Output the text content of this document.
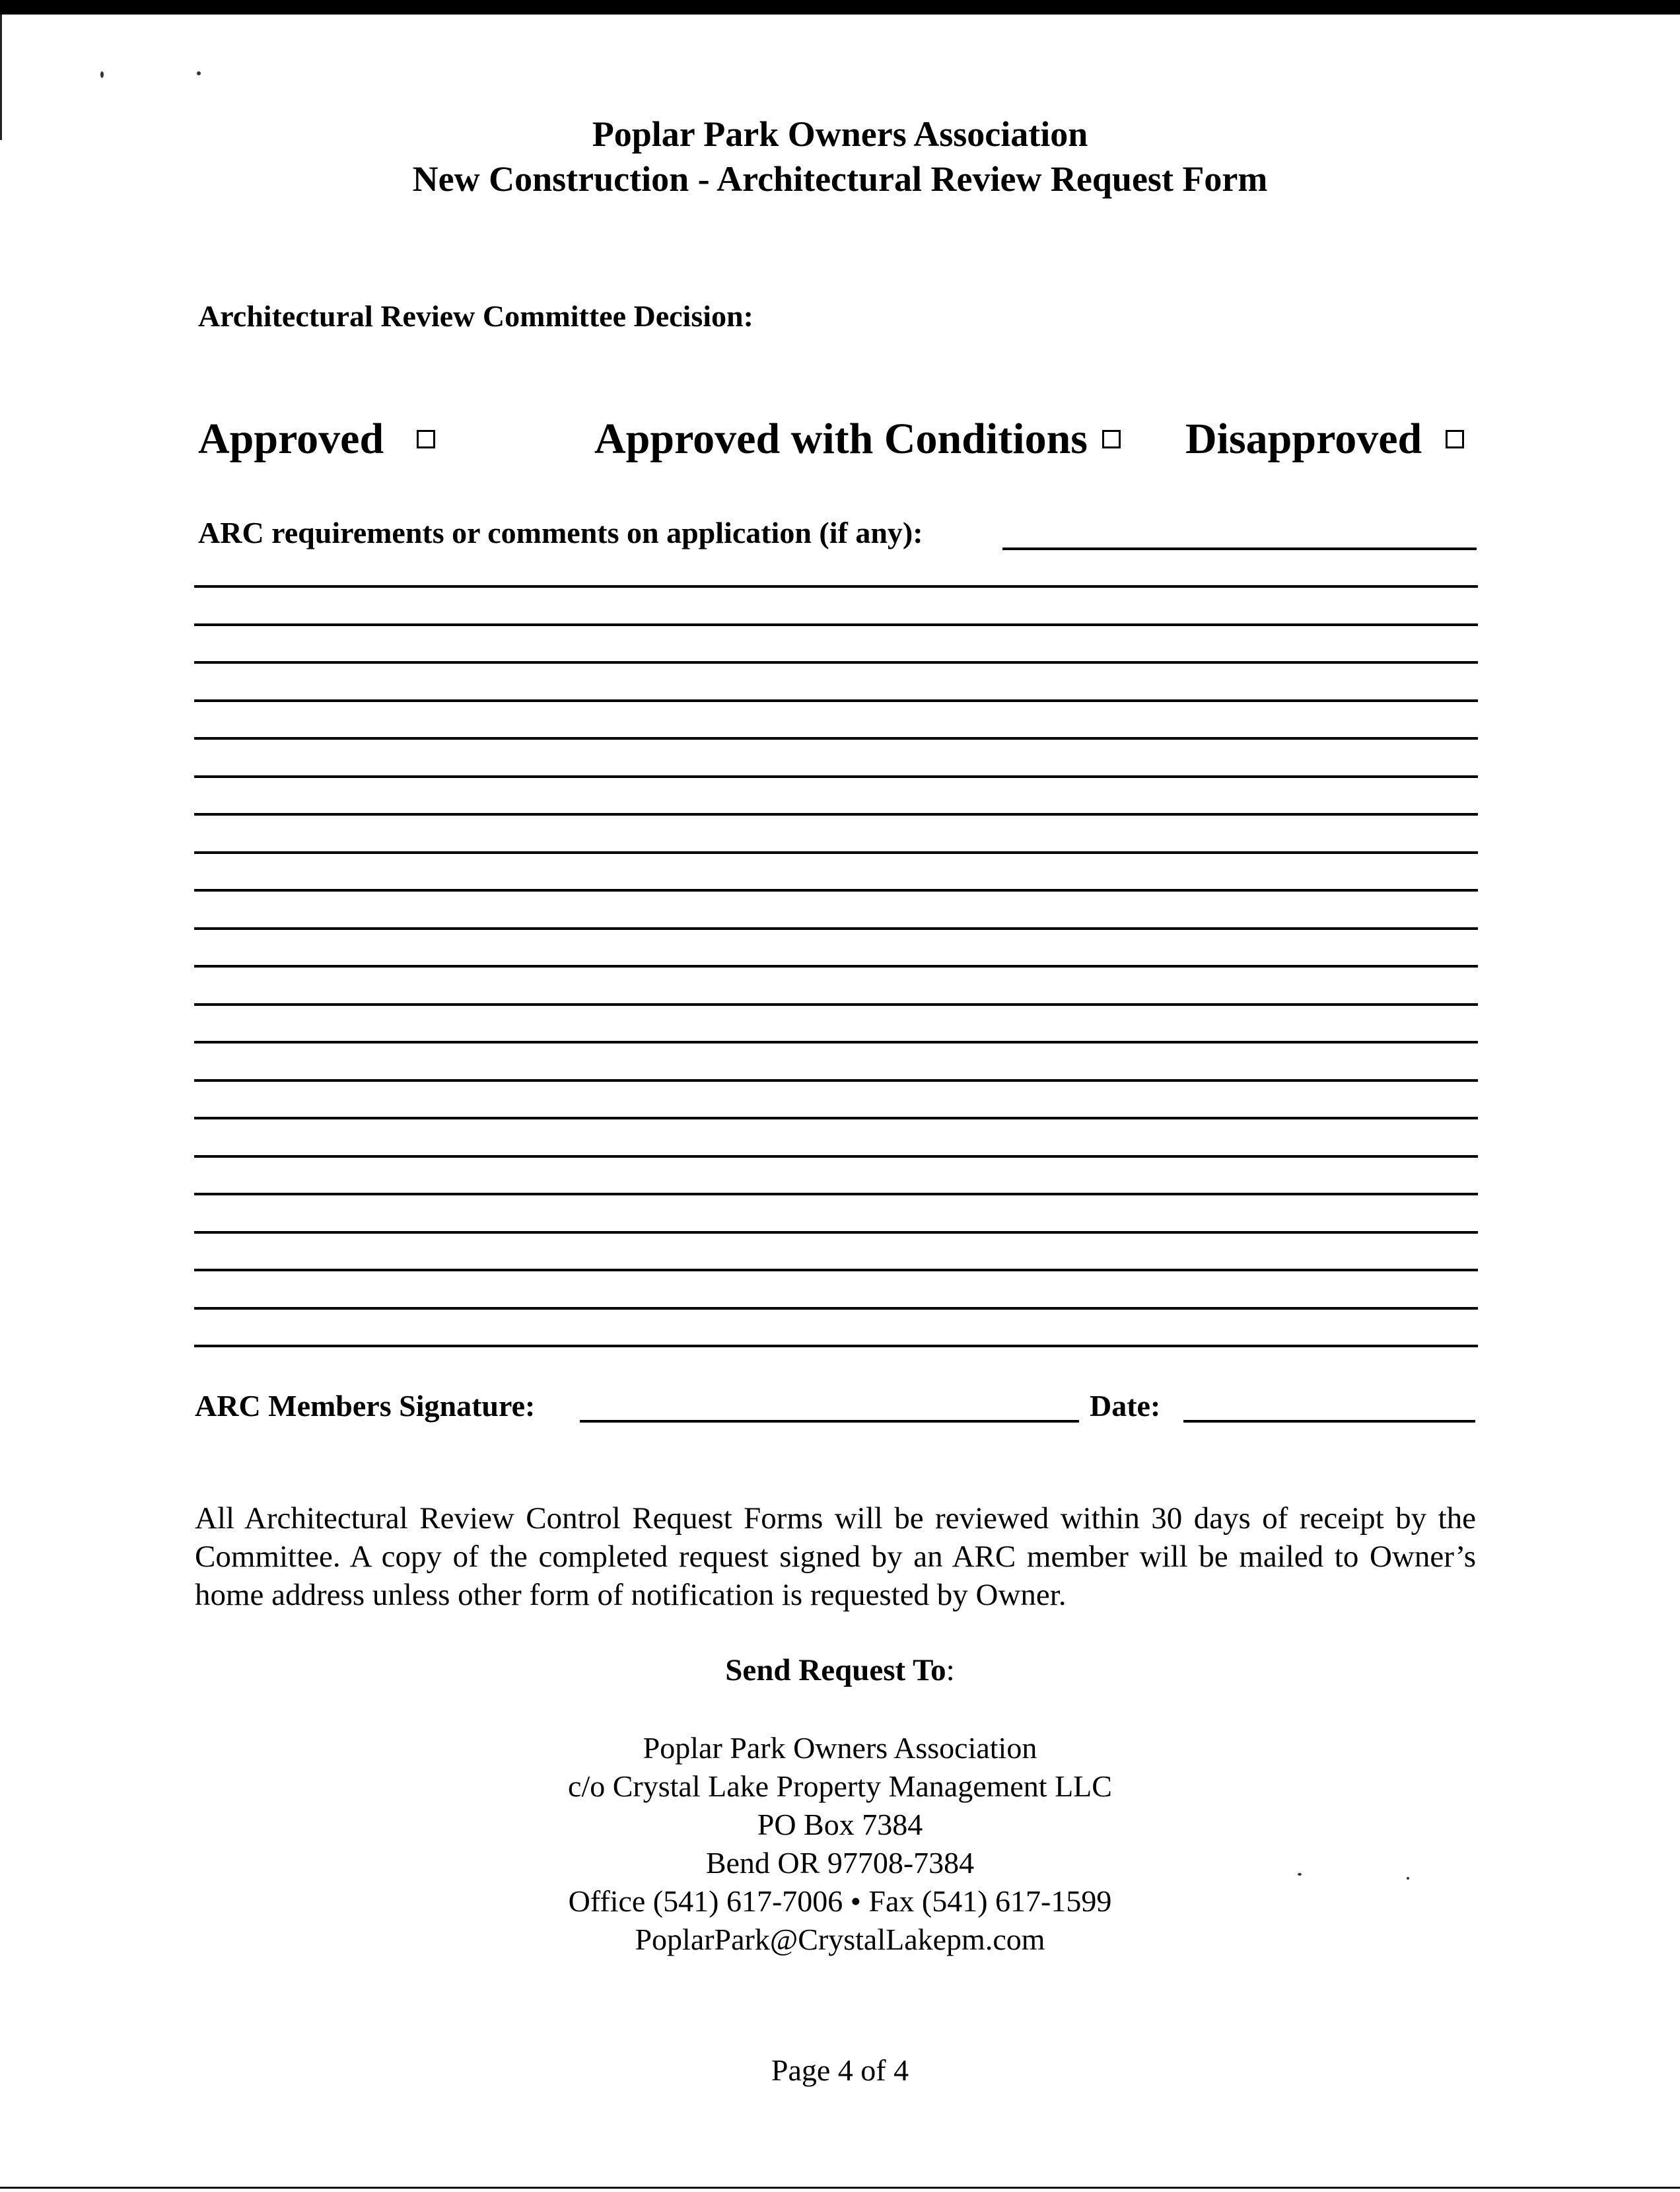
Poplar Park Owners Association
New Construction - Architectural Review Request Form
Architectural Review Committee Decision:
Approved	Approved with Conditions Disapproved
ARC requirements or comments on application (if any):
ARC Members Signature:	Date:
All Architectural Review Control Request Forms will be reviewed within 30 days of receipt by the Committee. A copy of the completed request signed by an ARC member will be mailed to Owner’s home address unless other form of notification is requested by Owner.
Send Request To:
Poplar Park Owners Association
c/o Crystal Lake Property Management LLC
PO Box 7384
Bend OR 97708-7384
Office (541) 617-7006 • Fax (541) 617-1599
PoplarPark@CrystalLakepm.com
Page 4 of 4
